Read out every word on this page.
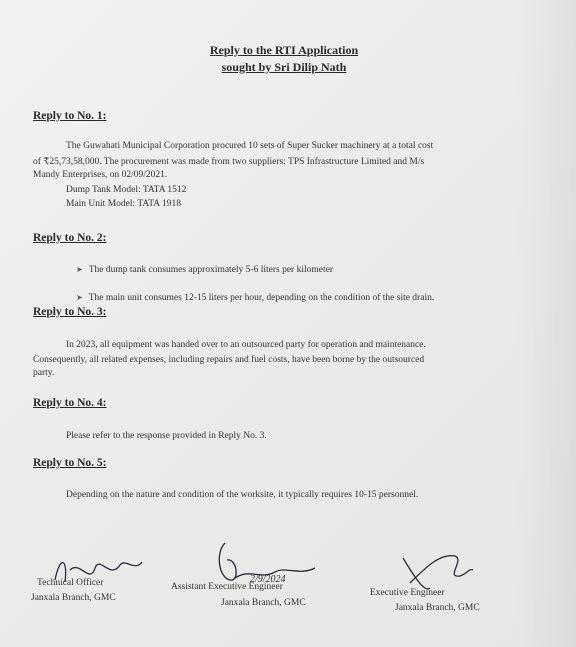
Reply to the RTI Application
sought by Sri Dilip Nath
Reply to No. 1:
The Guwahati Municipal Corporation procured 10 sets of Super Sucker machinery at a total cost
of ₹25,73,58,000. The procurement was made from two suppliers: TPS Infrastructure Limited and M/s
Mandy Enterprises, on 02/09/2021.
Dump Tank Model: TATA 1512
Main Unit Model: TATA 1918
Reply to No. 2:
➤ The dump tank consumes approximately 5-6 liters per kilometer
➤ The main unit consumes 12-15 liters per hour, depending on the condition of the site drain.
Reply to No. 3:
In 2023, all equipment was handed over to an outsourced party for operation and maintenance.
Consequently, all related expenses, including repairs and fuel costs, have been borne by the outsourced
party.
Reply to No. 4:
Please refer to the response provided in Reply No. 3.
Reply to No. 5:
Depending on the nature and condition of the worksite, it typically requires 10-15 personnel.
2/9/2024
Technical Officer
Janxala Branch, GMC
Assistant Executive Engineer
Janxala Branch, GMC
Executive Engineer
Janxala Branch, GMC
